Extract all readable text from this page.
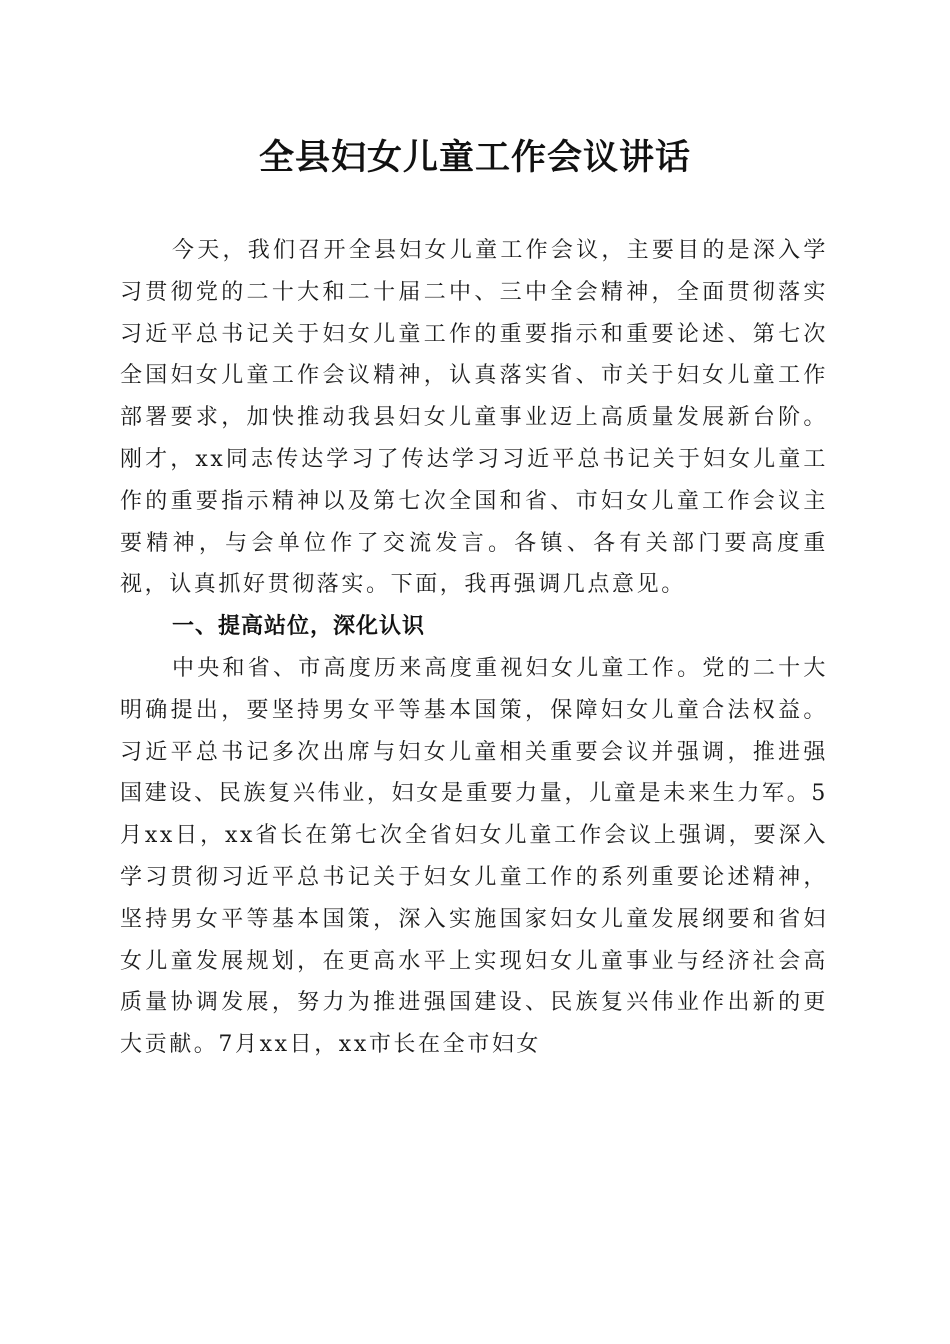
全县妇女儿童工作会议讲话

今天，我们召开全县妇女儿童工作会议，主要目的是深入学习贯彻党的二十大和二十届二中、三中全会精神，全面贯彻落实习近平总书记关于妇女儿童工作的重要指示和重要论述、第七次全国妇女儿童工作会议精神，认真落实省、市关于妇女儿童工作部署要求，加快推动我县妇女儿童事业迈上高质量发展新台阶。刚才，xx同志传达学习了传达学习习近平总书记关于妇女儿童工作的重要指示精神以及第七次全国和省、市妇女儿童工作会议主要精神，与会单位作了交流发言。各镇、各有关部门要高度重视，认真抓好贯彻落实。下面，我再强调几点意见。

一、提高站位，深化认识

中央和省、市高度历来高度重视妇女儿童工作。党的二十大明确提出，要坚持男女平等基本国策，保障妇女儿童合法权益。习近平总书记多次出席与妇女儿童相关重要会议并强调，推进强国建设、民族复兴伟业，妇女是重要力量，儿童是未来生力军。5月xx日，xx省长在第七次全省妇女儿童工作会议上强调，要深入学习贯彻习近平总书记关于妇女儿童工作的系列重要论述精神，坚持男女平等基本国策，深入实施国家妇女儿童发展纲要和省妇女儿童发展规划，在更高水平上实现妇女儿童事业与经济社会高质量协调发展，努力为推进强国建设、民族复兴伟业作出新的更大贡献。7月xx日，xx市长在全市妇女
